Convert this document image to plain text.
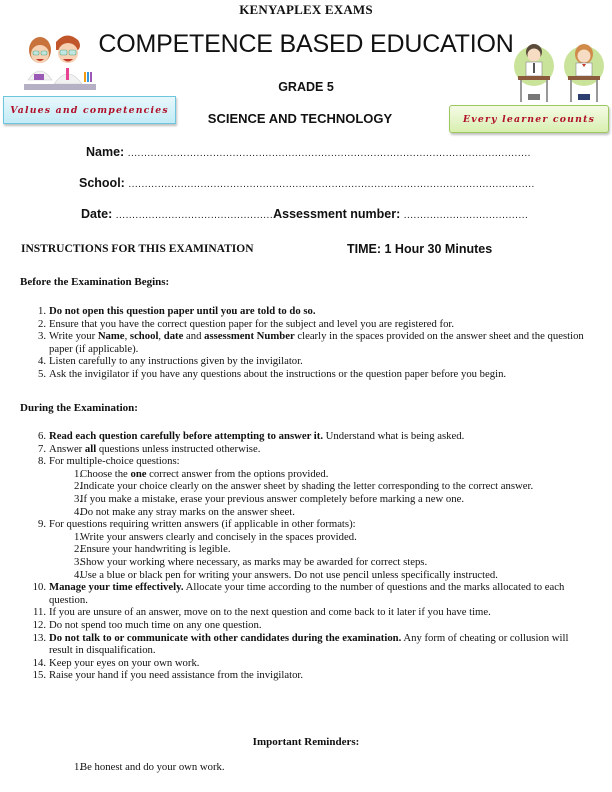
KENYAPLEX EXAMS
COMPETENCE BASED EDUCATION
GRADE 5
SCIENCE AND TECHNOLOGY
Values and competencies
Every learner counts
Name: ...........................................................................................................................
School: ............................................................................................................................
Date: ................................................Assessment number: ......................................
INSTRUCTIONS FOR THIS EXAMINATION	TIME: 1 Hour 30 Minutes
Before the Examination Begins:
1. Do not open this question paper until you are told to do so.
2. Ensure that you have the correct question paper for the subject and level you are registered for.
3. Write your Name, school, date and assessment Number clearly in the spaces provided on the answer sheet and the question paper (if applicable).
4. Listen carefully to any instructions given by the invigilator.
5. Ask the invigilator if you have any questions about the instructions or the question paper before you begin.
During the Examination:
6. Read each question carefully before attempting to answer it. Understand what is being asked.
7. Answer all questions unless instructed otherwise.
8. For multiple-choice questions:
1.
Choose the one correct answer from the options provided.
2.
Indicate your choice clearly on the answer sheet by shading the letter corresponding to the correct answer.
3.
If you make a mistake, erase your previous answer completely before marking a new one.
4.
Do not make any stray marks on the answer sheet.
9. For questions requiring written answers (if applicable in other formats):
1.
Write your answers clearly and concisely in the spaces provided.
2.
Ensure your handwriting is legible.
3.
Show your working where necessary, as marks may be awarded for correct steps.
4.
Use a blue or black pen for writing your answers. Do not use pencil unless specifically instructed.
10. Manage your time effectively. Allocate your time according to the number of questions and the marks allocated to each question.
11. If you are unsure of an answer, move on to the next question and come back to it later if you have time.
12. Do not spend too much time on any one question.
13. Do not talk to or communicate with other candidates during the examination. Any form of cheating or collusion will result in disqualification.
14. Keep your eyes on your own work.
15. Raise your hand if you need assistance from the invigilator.
Important Reminders:
1.
Be honest and do your own work.
